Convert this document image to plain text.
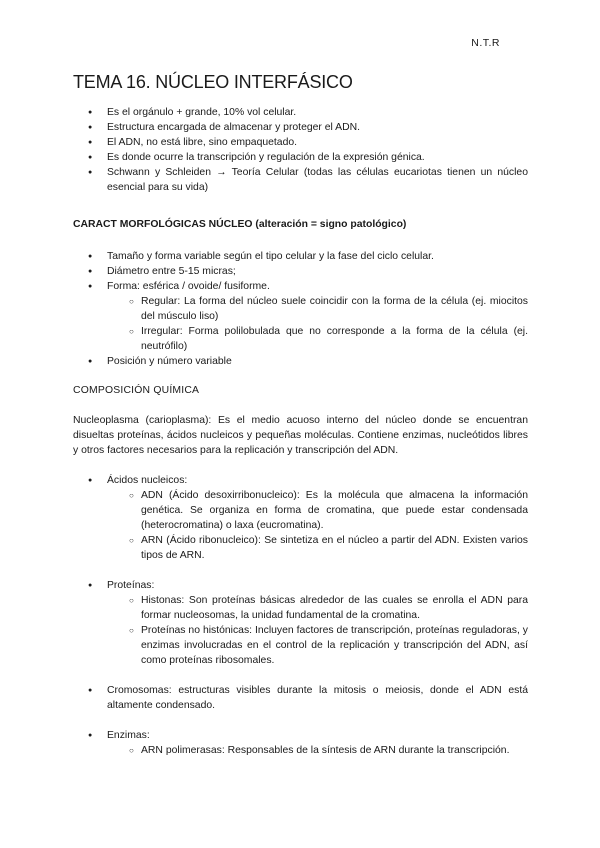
N.T.R
TEMA 16. NÚCLEO INTERFÁSICO
● Es el orgánulo + grande, 10% vol celular.
● Estructura encargada de almacenar y proteger el ADN.
● El ADN, no está libre, sino empaquetado.
● Es donde ocurre la transcripción y regulación de la expresión génica.
● Schwann y Schleiden → Teoría Celular (todas las células eucariotas tienen un núcleo esencial para su vida)
CARACT MORFOLÓGICAS NÚCLEO (alteración = signo patológico)
● Tamaño y forma variable según el tipo celular y la fase del ciclo celular.
● Diámetro entre 5-15 micras;
● Forma: esférica / ovoide/ fusiforme.
○ Regular: La forma del núcleo suele coincidir con la forma de la célula (ej. miocitos del músculo liso)
○ Irregular: Forma polilobulada que no corresponde a la forma de la célula (ej. neutrófilo)
● Posición y número variable
COMPOSICIÓN QUÍMICA

Nucleoplasma (carioplasma): Es el medio acuoso interno del núcleo donde se encuentran disueltas proteínas, ácidos nucleicos y pequeñas moléculas. Contiene enzimas, nucleótidos libres y otros factores necesarios para la replicación y transcripción del ADN.

● Ácidos nucleicos:
○ ADN (Ácido desoxirribonucleico): Es la molécula que almacena la información genética. Se organiza en forma de cromatina, que puede estar condensada (heterocromatina) o laxa (eucromatina).
○ ARN (Ácido ribonucleico): Se sintetiza en el núcleo a partir del ADN. Existen varios tipos de ARN.
● Proteínas:
○ Histonas: Son proteínas básicas alrededor de las cuales se enrolla el ADN para formar nucleosomas, la unidad fundamental de la cromatina.
○ Proteínas no histónicas: Incluyen factores de transcripción, proteínas reguladoras, y enzimas involucradas en el control de la replicación y transcripción del ADN, así como proteínas ribosomales.
● Cromosomas: estructuras visibles durante la mitosis o meiosis, donde el ADN está altamente condensado.
● Enzimas:
○ ARN polimerasas: Responsables de la síntesis de ARN durante la transcripción.
